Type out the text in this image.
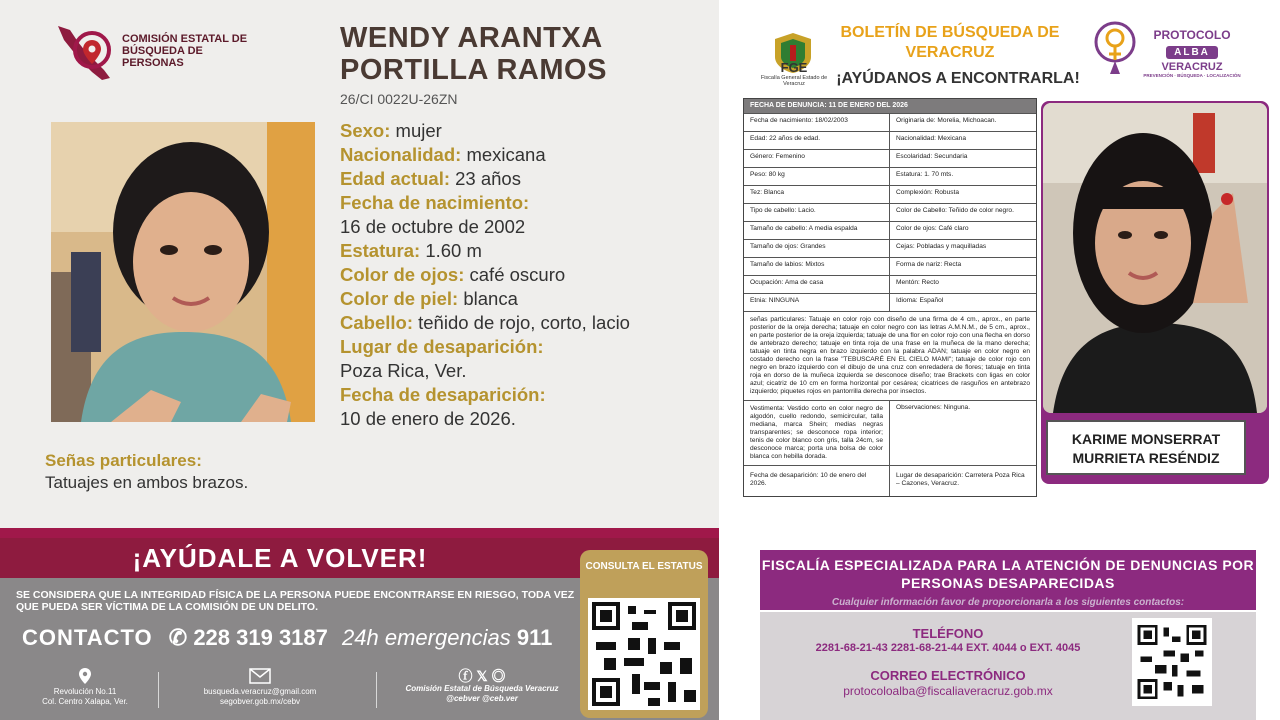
COMISIÓN ESTATAL DE BÚSQUEDA DE PERSONAS
WENDY ARANTXA PORTILLA RAMOS
26/CI 0022U-26ZN
Sexo: mujer
Nacionalidad: mexicana
Edad actual: 23 años
Fecha de nacimiento:
16 de octubre de 2002
Estatura: 1.60 m
Color de ojos: café oscuro
Color de piel: blanca
Cabello: teñido de rojo, corto, lacio
Lugar de desaparición:
Poza Rica, Ver.
Fecha de desaparición:
10 de enero de 2026.
Señas particulares:
Tatuajes en ambos brazos.
¡AYÚDALE A VOLVER!
SE CONSIDERA QUE LA INTEGRIDAD FÍSICA DE LA PERSONA PUEDE ENCONTRARSE EN RIESGO, TODA VEZ QUE PUEDA SER VÍCTIMA DE LA COMISIÓN DE UN DELITO.
CONTACTO ✆ 228 319 3187 24h emergencias 911
Revolución No.11
Col. Centro Xalapa, Ver.
busqueda.veracruz@gmail.com
segobver.gob.mx/cebv
ⓕ 𝕏 ◎
Comisión Estatal de Búsqueda Veracruz
@cebver @ceb.ver
CONSULTA EL ESTATUS
FGE
Fiscalía General Estado de Veracruz
BOLETÍN DE BÚSQUEDA DE VERACRUZ
¡AYÚDANOS A ENCONTRARLA!
PROTOCOLO
ALBA
VERACRUZ
PREVENCIÓN · BÚSQUEDA · LOCALIZACIÓN
FECHA DE DENUNCIA: 11 DE ENERO DEL 2026
Fecha de nacimiento: 18/02/2003	Originaria de: Morelia, Michoacan.
Edad: 22 años de edad.	Nacionalidad: Mexicana
Género: Femenino	Escolaridad: Secundaria
Peso: 80 kg	Estatura: 1. 70 mts.
Tez: Blanca	Complexión: Robusta
Tipo de cabello: Lacio.	Color de Cabello: Teñido de color negro.
Tamaño de cabello: A media espalda	Color de ojos: Café claro
Tamaño de ojos: Grandes	Cejas: Pobladas y maquilladas
Tamaño de labios: Mixtos	Forma de nariz: Recta
Ocupación: Ama de casa	Mentón: Recto
Etnia: NINGUNA	Idioma: Español
señas particulares: Tatuaje en color rojo con diseño de una firma de 4 cm., aprox., en parte posterior de la oreja derecha; tatuaje en color negro con las letras A.M.N.M., de 5 cm., aprox., en parte posterior de la oreja izquierda; tatuaje de una flor en color rojo con una flecha en dorso de antebrazo derecho; tatuaje en tinta roja de una frase en la muñeca de la mano derecha; tatuaje en tinta negra en brazo izquierdo con la palabra ADAN; tatuaje en color negro en costado derecho con la frase "TEBUSCARÉ EN EL CIELO MAMI"; tatuaje de color rojo con negro en brazo izquierdo con el dibujo de una cruz con enredadera de flores; tatuaje en tinta roja en dorso de la muñeca izquierda se desconoce diseño; trae Brackets con ligas en color azul; cicatriz de 10 cm en forma horizontal por cesárea; cicatrices de rasguños en antebrazo izquierdo; piquetes rojos en pantorrilla derecha por insectos.
Vestimenta: Vestido corto en color negro de algodón, cuello redondo, semicircular, talla mediana, marca Shein; medias negras transparentes; se desconoce ropa interior; tenis de color blanco con gris, talla 24cm, se desconoce marca; porta una bolsa de color blanca con hebilla dorada.
Observaciones: Ninguna.
Fecha de desaparición: 10 de enero del 2026.
Lugar de desaparición: Carretera Poza Rica – Cazones, Veracruz.
KARIME MONSERRAT
MURRIETA RESÉNDIZ
FISCALÍA ESPECIALIZADA PARA LA ATENCIÓN DE DENUNCIAS POR PERSONAS DESAPARECIDAS
Cualquier información favor de proporcionarla a los siguientes contactos:
TELÉFONO
2281-68-21-43 2281-68-21-44 EXT. 4044 o EXT. 4045
CORREO ELECTRÓNICO
protocoloalba@fiscaliaveracruz.gob.mx
